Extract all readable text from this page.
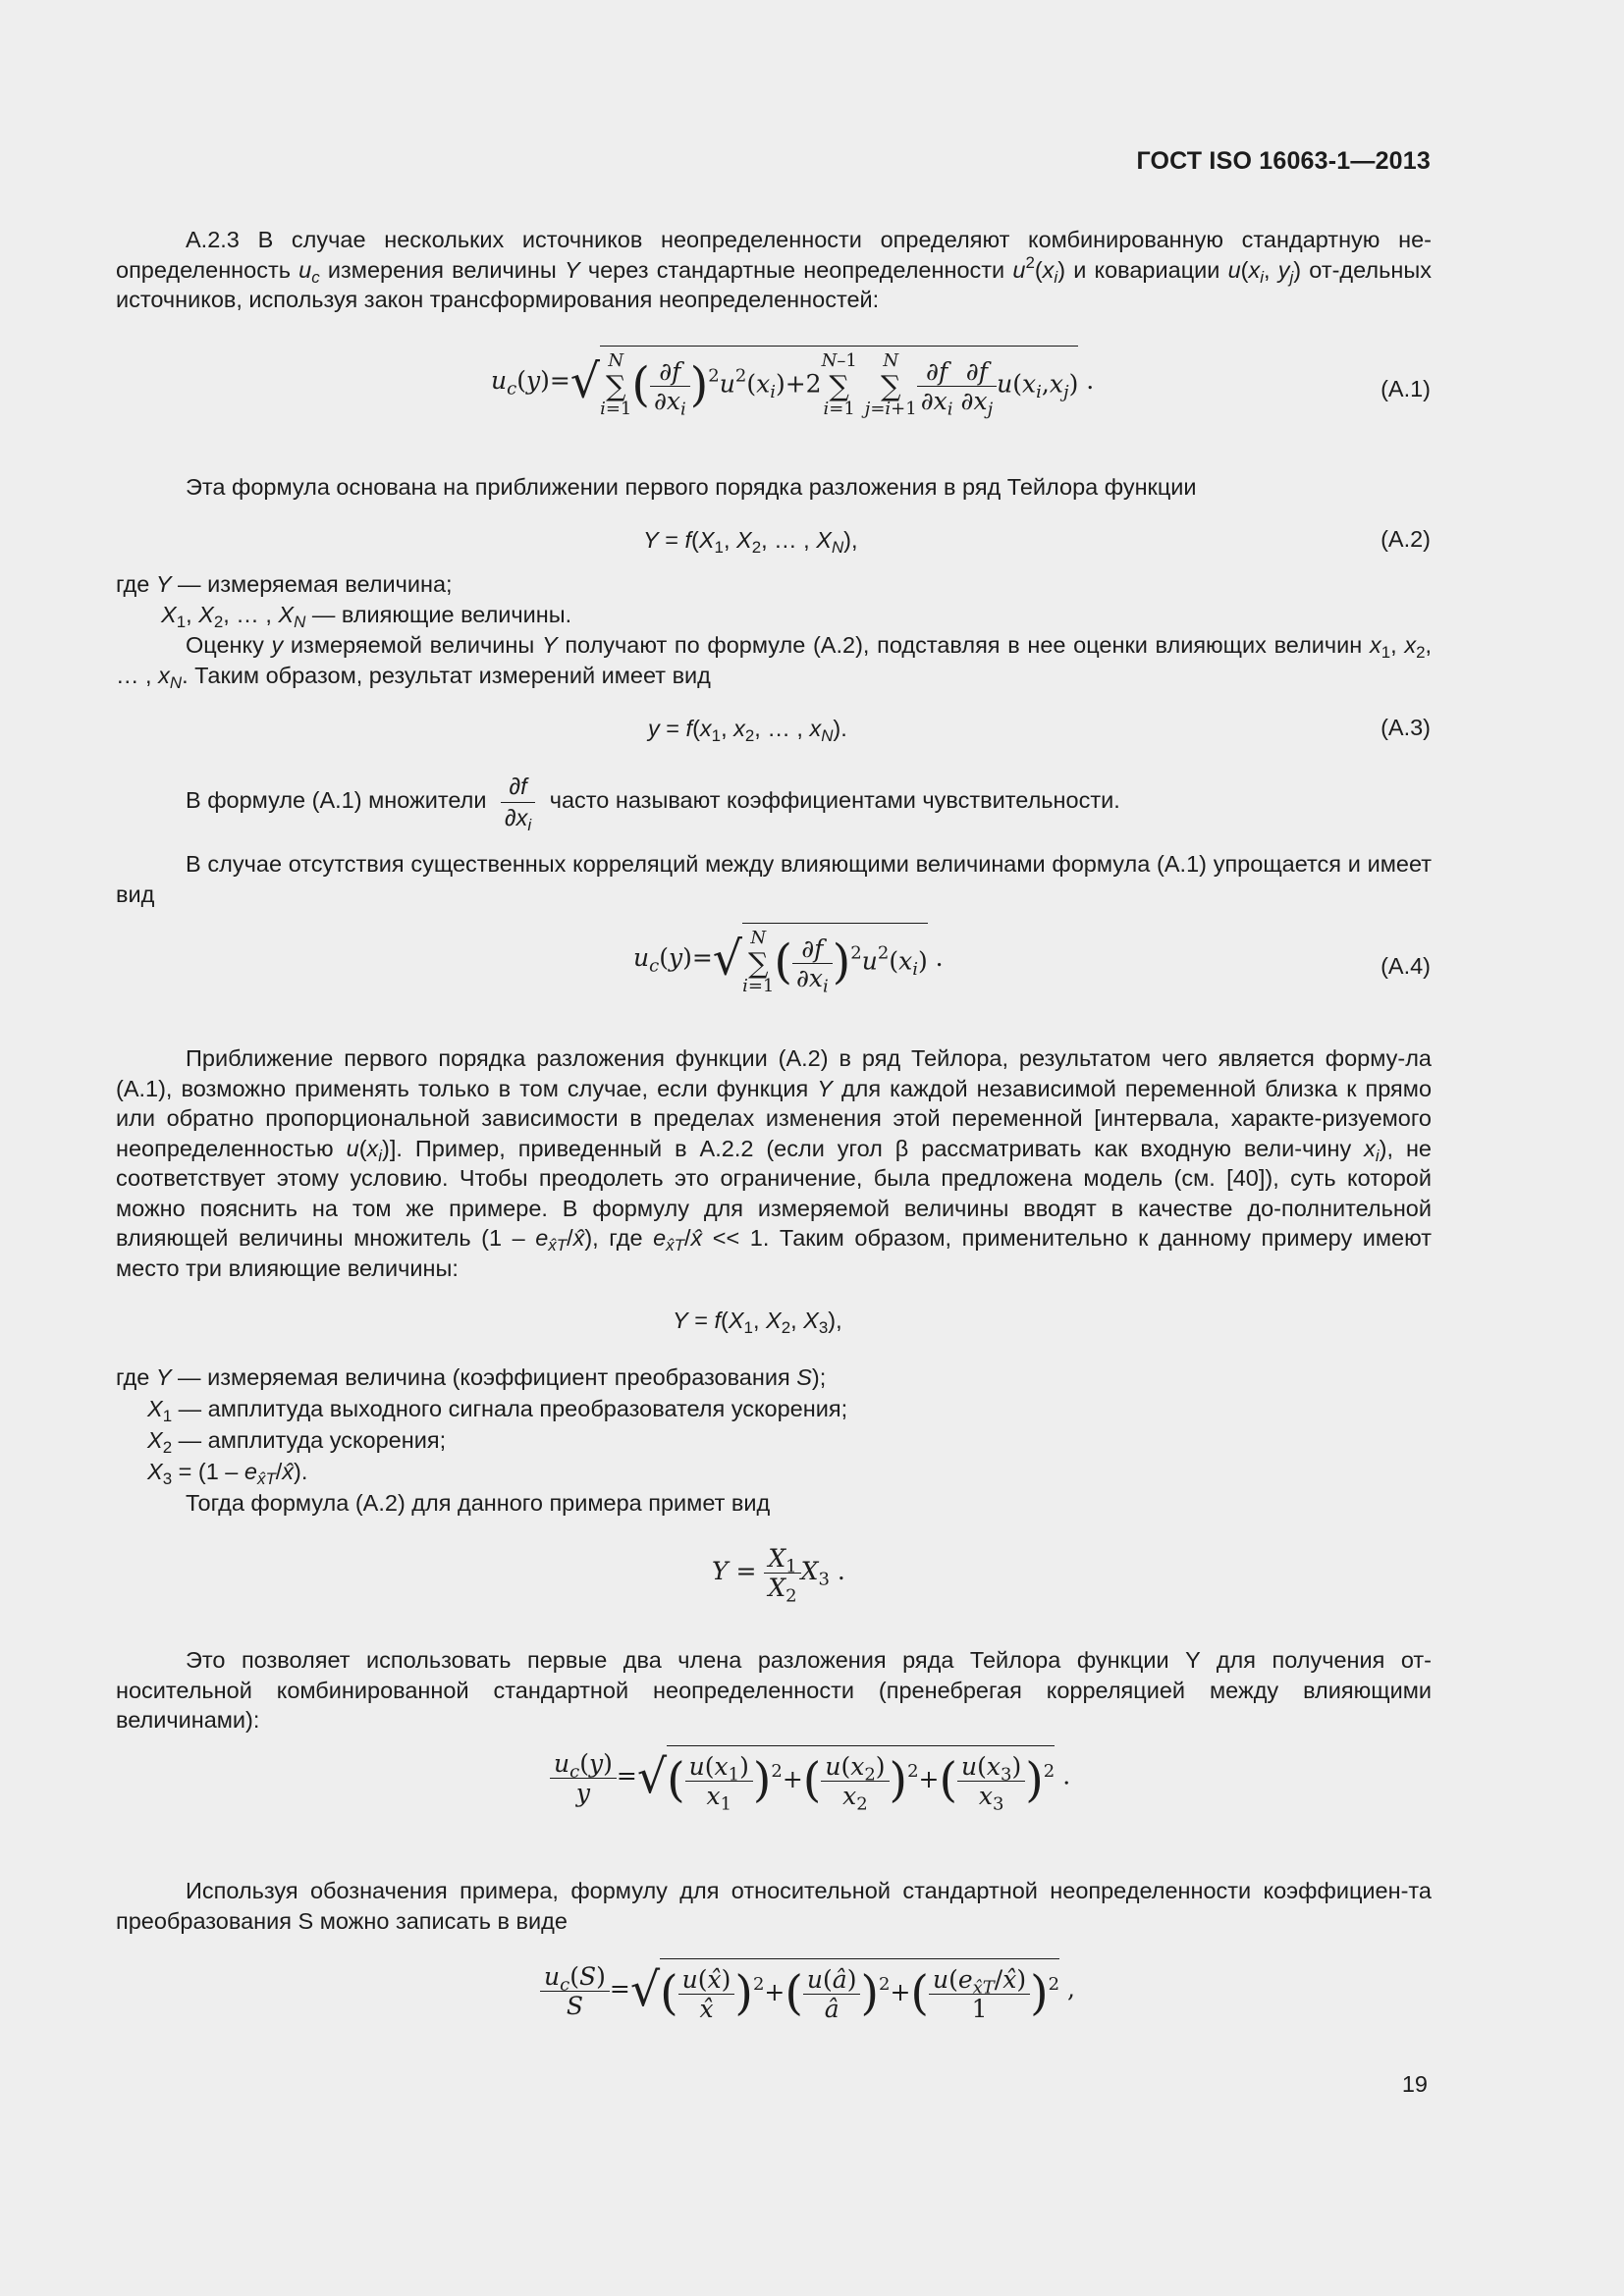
ГОСТ ISO 16063-1—2013
A.2.3 В случае нескольких источников неопределенности определяют комбинированную стандартную не-определенность $u_c$ измерения величины Y через стандартные неопределенности $u^2(x_i)$ и ковариации $u(x_i$, $y_j$) от-дельных источников, используя закон трансформирования неопределенностей:
$u_c(y)=√$ N
∑
$i=1( \frac{\partial f}{\partial x_i} )^2u^2(x_i)+2N-1$
∑
i=1 N
∑
$j=i+1 \frac{\partial f}{\partial x_i} \frac{\partial f}{\partial x_j} u(x_i,x_j)$ .	(А.1)
Эта формула основана на приближении первого порядка разложения в ряд Тейлора функции
$Y = f(X_1$, $X_2$, … , $X_N$),	(А.2)
где Y — измеряемая величина;
$X_1$, $X_2$, … , $X_N$ — влияющие величины.
Оценку y измеряемой величины Y получают по формуле (А.2), подставляя в нее оценки влияющих величин $x_1$, $x_2$, … , $x_N$. Таким образом, результат измерений имеет вид
$y = f(x_1$, $x_2$, … , $x_N$).	(А.3)
В формуле (А.1) множители $\frac{\partial f}{\partial x_i}$ часто называют коэффициентами чувствительности.
В случае отсутствия существенных корреляций между влияющими величинами формула (А.1) упрощается и имеет вид
$u_c(y)=√$ N
∑
$i=1( \frac{\partial f}{\partial x_i} )^2u^2(x_i)$ .	(А.4)
Приближение первого порядка разложения функции (А.2) в ряд Тейлора, результатом чего является форму-ла (А.1), возможно применять только в том случае, если функция Y для каждой независимой переменной близка к прямо или обратно пропорциональной зависимости в пределах изменения этой переменной [интервала, характе-ризуемого неопределенностью $u(x_i)$]. Пример, приведенный в А.2.2 (если угол β рассматривать как входную вели-чину $x_i$), не соответствует этому условию. Чтобы преодолеть это ограничение, была предложена модель (см. [40]), суть которой можно пояснить на том же примере. В формулу для измеряемой величины вводят в качестве до-полнительной влияющей величины множитель $(1 - e_{x̂T}/x̂)$, где $e_{x̂T}/x̂ << 1$. Таким образом, применительно к данному примеру имеют место три влияющие величины:
$Y = f(X_1$, $X_2$, $X_3$),
где Y — измеряемая величина (коэффициент преобразования S);
$X_1$ — амплитуда выходного сигнала преобразователя ускорения;
$X_2$ — амплитуда ускорения;
$X_3 = (1$ – $e_{x̂T}/x̂$).
Тогда формула (А.2) для данного примера примет вид
$Y = \frac{X_1}{X_2} X_3$ .
Это позволяет использовать первые два члена разложения ряда Тейлора функции Y для получения от-носительной комбинированной стандартной неопределенности (пренебрегая корреляцией между влияющими величинами):
$\frac{u_c(y)}{y}$ =√( $\frac{u(x_1)}{x_1} )^2+( \frac{u(x_2)}{x_2} )^2+( \frac{u(x_3)}{x_3} )^2$ .
Используя обозначения примера, формулу для относительной стандартной неопределенности коэффициен-та преобразования S можно записать в виде
$\frac{u_c(S)}{S}$ =√( $\frac{u(x̂)}{x̂} )^2+( \frac{u(â)}{â} )^2+( \frac{u(e_{x̂T}/x̂)}{1} )^2$ ,
19
